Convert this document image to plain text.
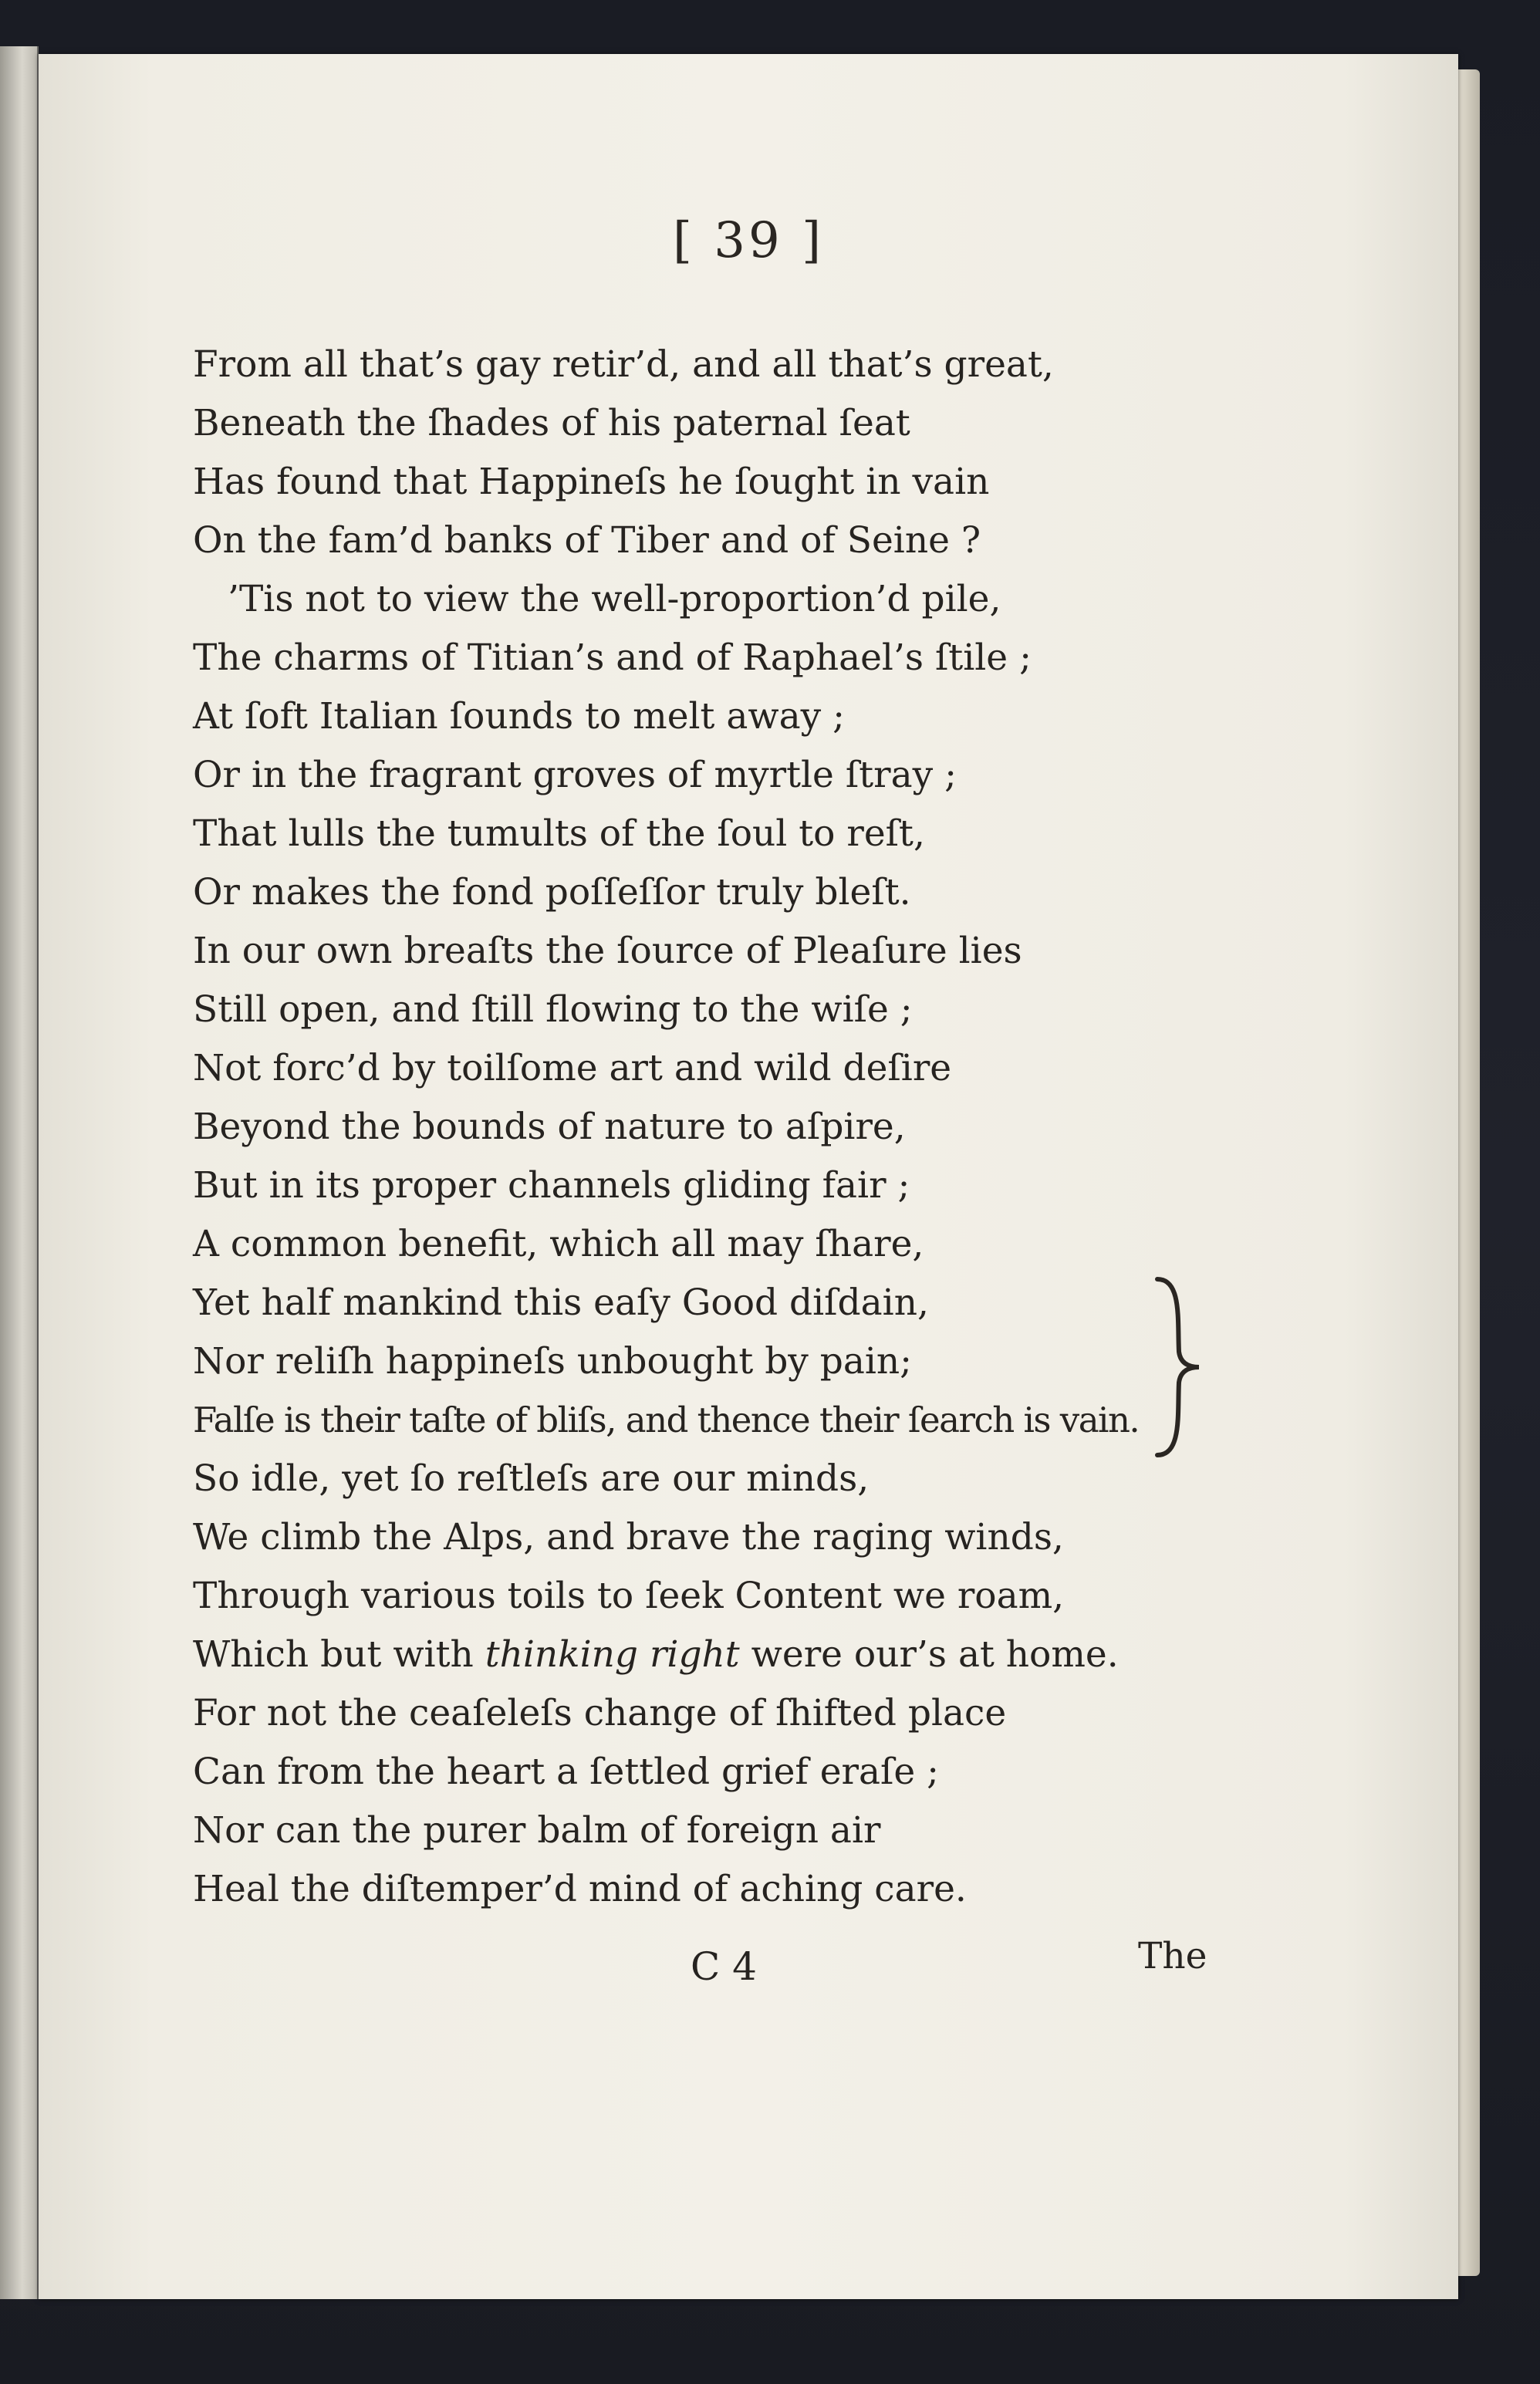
[ 39 ]
From all that’s gay retir’d, and all that’s great,
Beneath the ſhades of his paternal ſeat
Has found that Happineſs he ſought in vain
On the fam’d banks of Tiber and of Seine ?
’Tis not to view the well-proportion’d pile,
The charms of Titian’s and of Raphael’s ſtile ;
At ſoft Italian ſounds to melt away ;
Or in the fragrant groves of myrtle ſtray ;
That lulls the tumults of the ſoul to reſt,
Or makes the fond poſſeſſor truly bleſt.
In our own breaſts the ſource of Pleaſure lies
Still open, and ſtill flowing to the wiſe ;
Not forc’d by toilſome art and wild deſire
Beyond the bounds of nature to aſpire,
But in its proper channels gliding fair ;
A common benefit, which all may ſhare,
Yet half mankind this eaſy Good diſdain,
Nor reliſh happineſs unbought by pain;
Falſe is their taſte of bliſs, and thence their ſearch is vain.
So idle, yet ſo reſtleſs are our minds,
We climb the Alps, and brave the raging winds,
Through various toils to ſeek Content we roam,
Which but with thinking right were our’s at home.
For not the ceaſeleſs change of ſhifted place
Can from the heart a ſettled grief eraſe ;
Nor can the purer balm of foreign air
Heal the diſtemper’d mind of aching care.
C 4	The
